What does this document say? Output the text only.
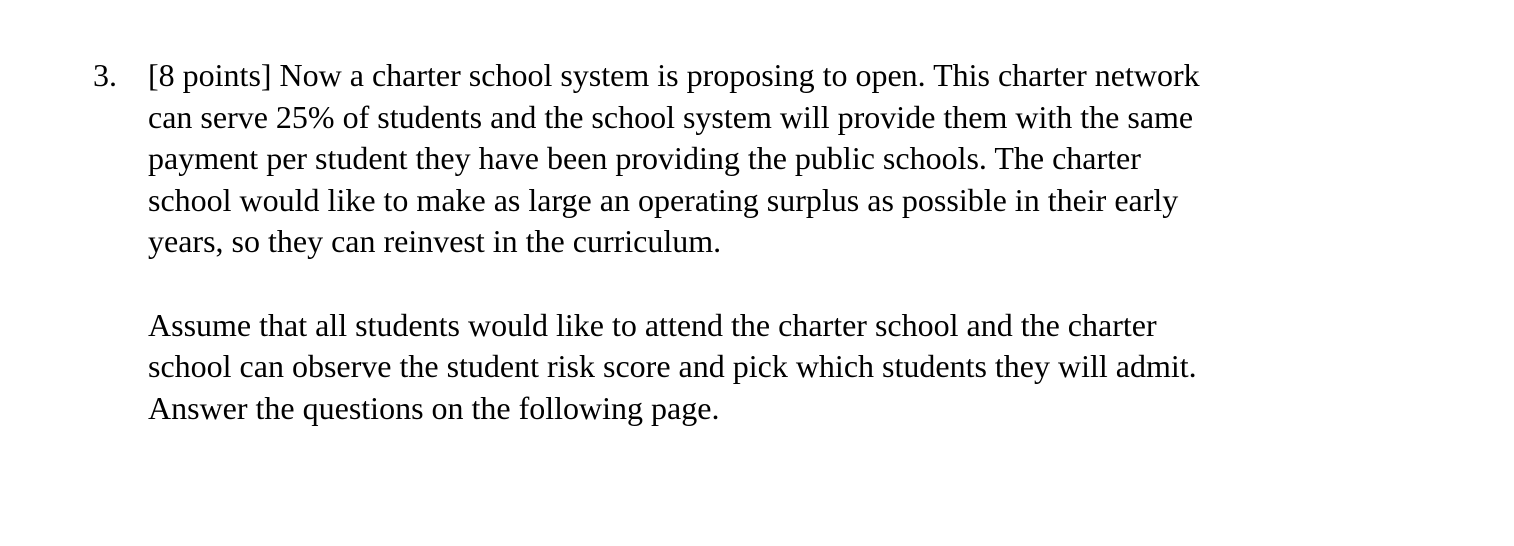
3. [8 points] Now a charter school system is proposing to open. This charter network
can serve 25% of students and the school system will provide them with the same
payment per student they have been providing the public schools. The charter
school would like to make as large an operating surplus as possible in their early
years, so they can reinvest in the curriculum.

Assume that all students would like to attend the charter school and the charter
school can observe the student risk score and pick which students they will admit.
Answer the questions on the following page.
